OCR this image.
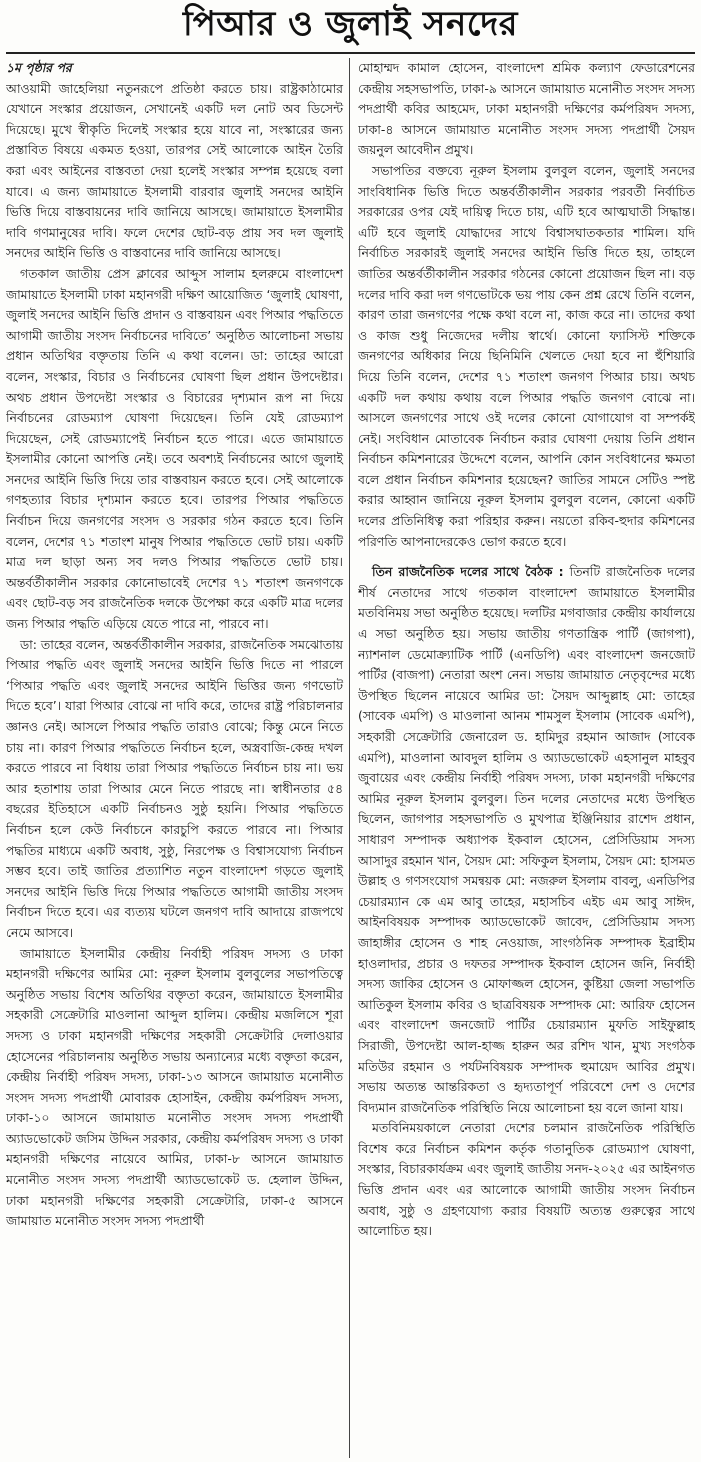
পিআর ও জুলাই সনদের

১ম পৃষ্ঠার পর

আওয়ামী জাহেলিয়া নতুনরূপে প্রতিষ্ঠা করতে চায়। রাষ্ট্রকাঠামোর যেখানে সংস্কার প্রয়োজন, সেখানেই একটি দল নোট অব ডিসেন্ট দিয়েছে। মুখে স্বীকৃতি দিলেই সংস্কার হয়ে যাবে না, সংস্কারের জন্য প্রস্তাবিত বিষয়ে একমত হওয়া, তারপর সেই আলোকে আইন তৈরি করা এবং আইনের বাস্তবতা দেয়া হলেই সংস্কার সম্পন্ন হয়েছে বলা যাবে। এ জন্য জামায়াতে ইসলামী বারবার জুলাই সনদের আইনি ভিত্তি দিয়ে বাস্তবায়নের দাবি জানিয়ে আসছে। জামায়াতে ইসলামীর দাবি গণমানুষের দাবি। ফলে দেশের ছোট-বড় প্রায় সব দল জুলাই সনদের আইনি ভিত্তি ও বাস্তবানের দাবি জানিয়ে আসছে।

গতকাল জাতীয় প্রেস ক্লাবের আব্দুস সালাম হলরুমে বাংলাদেশ জামায়াতে ইসলামী ঢাকা মহানগরী দক্ষিণ আয়োজিত ‘জুলাই ঘোষণা, জুলাই সনদের আইনি ভিত্তি প্রদান ও বাস্তবায়ন এবং পিআর পদ্ধতিতে আগামী জাতীয় সংসদ নির্বাচনের দাবিতে’ অনুষ্ঠিত আলোচনা সভায় প্রধান অতিথির বক্তৃতায় তিনি এ কথা বলেন। ডা: তাহের আরো বলেন, সংস্কার, বিচার ও নির্বাচনের ঘোষণা ছিল প্রধান উপদেষ্টার। অথচ প্রধান উপদেষ্টা সংস্কার ও বিচারের দৃশ্যমান রূপ না দিয়ে নির্বাচনের রোডম্যাপ ঘোষণা দিয়েছেন। তিনি যেই রোডম্যাপ দিয়েছেন, সেই রোডম্যাপেই নির্বাচন হতে পারে। এতে জামায়াতে ইসলামীর কোনো আপত্তি নেই। তবে অবশ্যই নির্বাচনের আগে জুলাই সনদের আইনি ভিত্তি দিয়ে তার বাস্তবায়ন করতে হবে। সেই আলোকে গণহত্যার বিচার দৃশ্যমান করতে হবে। তারপর পিআর পদ্ধতিতে নির্বাচন দিয়ে জনগণের সংসদ ও সরকার গঠন করতে হবে। তিনি বলেন, দেশের ৭১ শতাংশ মানুষ পিআর পদ্ধতিতে ভোট চায়। একটি মাত্র দল ছাড়া অন্য সব দলও পিআর পদ্ধতিতে ভোট চায়। অন্তর্বর্তীকালীন সরকার কোনোভাবেই দেশের ৭১ শতাংশ জনগণকে এবং ছোট-বড় সব রাজনৈতিক দলকে উপেক্ষা করে একটি মাত্র দলের জন্য পিআর পদ্ধতি এড়িয়ে যেতে পারে না, পারবে না।

ডা: তাহের বলেন, অন্তর্বর্তীকালীন সরকার, রাজনৈতিক সমঝোতায় পিআর পদ্ধতি এবং জুলাই সনদের আইনি ভিত্তি দিতে না পারলে ‘পিআর পদ্ধতি এবং জুলাই সনদের আইনি ভিত্তির জন্য গণভোট দিতে হবে’। যারা পিআর বোঝে না দাবি করে, তাদের রাষ্ট্র পরিচালনার জ্ঞানও নেই। আসলে পিআর পদ্ধতি তারাও বোঝে; কিন্তু মেনে নিতে চায় না। কারণ পিআর পদ্ধতিতে নির্বাচন হলে, অস্ত্রবাজি-কেন্দ্র দখল করতে পারবে না বিধায় তারা পিআর পদ্ধতিতে নির্বাচন চায় না। ভয় আর হতাশায় তারা পিআর মেনে নিতে পারছে না। স্বাধীনতার ৫৪ বছরের ইতিহাসে একটি নির্বাচনও সুষ্ঠু হয়নি। পিআর পদ্ধতিতে নির্বাচন হলে কেউ নির্বাচনে কারচুপি করতে পারবে না। পিআর পদ্ধতির মাধ্যমে একটি অবাধ, সুষ্ঠু, নিরপেক্ষ ও বিশ্বাসযোগ্য নির্বাচন সম্ভব হবে। তাই জাতির প্রত্যাশিত নতুন বাংলাদেশ গড়তে জুলাই সনদের আইনি ভিত্তি দিয়ে পিআর পদ্ধতিতে আগামী জাতীয় সংসদ নির্বাচন দিতে হবে। এর ব্যত্যয় ঘটলে জনগণ দাবি আদায়ে রাজপথে নেমে আসবে।

জামায়াতে ইসলামীর কেন্দ্রীয় নির্বাহী পরিষদ সদস্য ও ঢাকা মহানগরী দক্ষিণের আমির মো: নূরুল ইসলাম বুলবুলের সভাপতিত্বে অনুষ্ঠিত সভায় বিশেষ অতিথির বক্তৃতা করেন, জামায়াতে ইসলামীর সহকারী সেক্রেটারি মাওলানা আব্দুল হালিম। কেন্দ্রীয় মজলিসে শূরা সদস্য ও ঢাকা মহানগরী দক্ষিণের সহকারী সেক্রেটারি দেলাওয়ার হোসেনের পরিচালনায় অনুষ্ঠিত সভায় অন্যান্যের মধ্যে বক্তৃতা করেন, কেন্দ্রীয় নির্বাহী পরিষদ সদস্য, ঢাকা-১৩ আসনে জামায়াত মনোনীত সংসদ সদস্য পদপ্রার্থী মোবারক হোসাইন, কেন্দ্রীয় কর্মপরিষদ সদস্য, ঢাকা-১০ আসনে জামায়াত মনোনীত সংসদ সদস্য পদপ্রার্থী অ্যাডভোকেট জসিম উদ্দিন সরকার, কেন্দ্রীয় কর্মপরিষদ সদস্য ও ঢাকা মহানগরী দক্ষিণের নায়েবে আমির, ঢাকা-৮ আসনে জামায়াত মনোনীত সংসদ সদস্য পদপ্রার্থী অ্যাডভোকেট ড. হেলাল উদ্দিন, ঢাকা মহানগরী দক্ষিণের সহকারী সেক্রেটারি, ঢাকা-৫ আসনে জামায়াত মনোনীত সংসদ সদস্য পদপ্রার্থী

মোহাম্মদ কামাল হোসেন, বাংলাদেশ শ্রমিক কল্যাণ ফেডারেশনের কেন্দ্রীয় সহসভাপতি, ঢাকা-৯ আসনে জামায়াত মনোনীত সংসদ সদস্য পদপ্রার্থী কবির আহমেদ, ঢাকা মহানগরী দক্ষিণের কর্মপরিষদ সদস্য, ঢাকা-৪ আসনে জামায়াত মনোনীত সংসদ সদস্য পদপ্রার্থী সৈয়দ জয়নুল আবেদীন প্রমুখ।

সভাপতির বক্তব্যে নূরুল ইসলাম বুলবুল বলেন, জুলাই সনদের সাংবিধানিক ভিত্তি দিতে অন্তর্বর্তীকালীন সরকার পরবর্তী নির্বাচিত সরকারের ওপর যেই দায়িত্ব দিতে চায়, এটি হবে আত্মঘাতী সিদ্ধান্ত। এটি হবে জুলাই যোদ্ধাদের সাথে বিশ্বাসঘাতকতার শামিল। যদি নির্বাচিত সরকারই জুলাই সনদের আইনি ভিত্তি দিতে হয়, তাহলে জাতির অন্তর্বর্তীকালীন সরকার গঠনের কোনো প্রয়োজন ছিল না। বড় দলের দাবি করা দল গণভোটকে ভয় পায় কেন প্রশ্ন রেখে তিনি বলেন, কারণ তারা জনগণের পক্ষে কথা বলে না, কাজ করে না। তাদের কথা ও কাজ শুধু নিজেদের দলীয় স্বার্থে। কোনো ফ্যাসিস্ট শক্তিকে জনগণের অধিকার নিয়ে ছিনিমিনি খেলতে দেয়া হবে না হুঁশিয়ারি দিয়ে তিনি বলেন, দেশের ৭১ শতাংশ জনগণ পিআর চায়। অথচ একটি দল কথায় কথায় বলে পিআর পদ্ধতি জনগণ বোঝে না। আসলে জনগণের সাথে ওই দলের কোনো যোগাযোগ বা সম্পর্কই নেই। সংবিধান মোতাবেক নির্বাচন করার ঘোষণা দেয়ায় তিনি প্রধান নির্বাচন কমিশনারের উদ্দেশে বলেন, আপনি কোন সংবিধানের ক্ষমতা বলে প্রধান নির্বাচন কমিশনার হয়েছেন? জাতির সামনে সেটিও স্পষ্ট করার আহ্বান জানিয়ে নূরুল ইসলাম বুলবুল বলেন, কোনো একটি দলের প্রতিনিধিত্ব করা পরিহার করুন। নয়তো রকিব-হুদার কমিশনের পরিণতি আপনাদেরকেও ভোগ করতে হবে।

তিন রাজনৈতিক দলের সাথে বৈঠক : তিনটি রাজনৈতিক দলের শীর্ষ নেতাদের সাথে গতকাল বাংলাদেশ জামায়াতে ইসলামীর মতবিনিময় সভা অনুষ্ঠিত হয়েছে। দলটির মগবাজার কেন্দ্রীয় কার্যালয়ে এ সভা অনুষ্ঠিত হয়। সভায় জাতীয় গণতান্ত্রিক পার্টি (জাগপা), ন্যাশনাল ডেমোক্র্যাটিক পার্টি (এনডিপি) এবং বাংলাদেশ জনজোট পার্টির (বাজপা) নেতারা অংশ নেন। সভায় জামায়াত নেতৃবৃন্দের মধ্যে উপস্থিত ছিলেন নায়েবে আমির ডা: সৈয়দ আব্দুল্লাহ মো: তাহের (সাবেক এমপি) ও মাওলানা আনম শামসুল ইসলাম (সাবেক এমপি), সহকারী সেক্রেটারি জেনারেল ড. হামিদুর রহমান আজাদ (সাবেক এমপি), মাওলানা আবদুল হালিম ও অ্যাডভোকেট এহসানুল মাহবুব জুবায়ের এবং কেন্দ্রীয় নির্বাহী পরিষদ সদস্য, ঢাকা মহানগরী দক্ষিণের আমির নূরুল ইসলাম বুলবুল। তিন দলের নেতাদের মধ্যে উপস্থিত ছিলেন, জাগপার সহসভাপতি ও মুখপাত্র ইঞ্জিনিয়ার রাশেদ প্রধান, সাধারণ সম্পাদক অধ্যাপক ইকবাল হোসেন, প্রেসিডিয়াম সদস্য আসাদুর রহমান খান, সৈয়দ মো: সফিকুল ইসলাম, সৈয়দ মো: হাসমত উল্লাহ ও গণসংযোগ সমন্বয়ক মো: নজরুল ইসলাম বাবলু, এনডিপির চেয়ারম্যান কে এম আবু তাহের, মহাসচিব এইচ এম আবু সাঈদ, আইনবিষয়ক সম্পাদক অ্যাডভোকেট জাবেদ, প্রেসিডিয়াম সদস্য জাহাঙ্গীর হোসেন ও শাহ নেওয়াজ, সাংগঠনিক সম্পাদক ইব্রাহীম হাওলাদার, প্রচার ও দফতর সম্পাদক ইকবাল হোসেন জনি, নির্বাহী সদস্য জাকির হোসেন ও মোফাজ্জল হোসেন, কুষ্টিয়া জেলা সভাপতি আতিকুল ইসলাম কবির ও ছাত্রবিষয়ক সম্পাদক মো: আরিফ হোসেন এবং বাংলাদেশ জনজোট পার্টির চেয়ারম্যান মুফতি সাইফুল্লাহ সিরাজী, উপদেষ্টা আল-হাজ্জ হারুন অর রশিদ খান, মুখ্য সংগঠক মতিউর রহমান ও পর্যটনবিষয়ক সম্পাদক হুমায়েদ আবির প্রমুখ। সভায় অত্যন্ত আন্তরিকতা ও হৃদ্যতাপূর্ণ পরিবেশে দেশ ও দেশের বিদ্যমান রাজনৈতিক পরিস্থিতি নিয়ে আলোচনা হয় বলে জানা যায়।

মতবিনিময়কালে নেতারা দেশের চলমান রাজনৈতিক পরিস্থিতি বিশেষ করে নির্বাচন কমিশন কর্তৃক গতানুতিক রোডম্যাপ ঘোষণা, সংস্কার, বিচারকার্যক্রম এবং জুলাই জাতীয় সনদ-২০২৫ এর আইনগত ভিত্তি প্রদান এবং এর আলোকে আগামী জাতীয় সংসদ নির্বাচন অবাধ, সুষ্ঠু ও গ্রহণযোগ্য করার বিষয়টি অত্যন্ত গুরুত্বের সাথে আলোচিত হয়।
